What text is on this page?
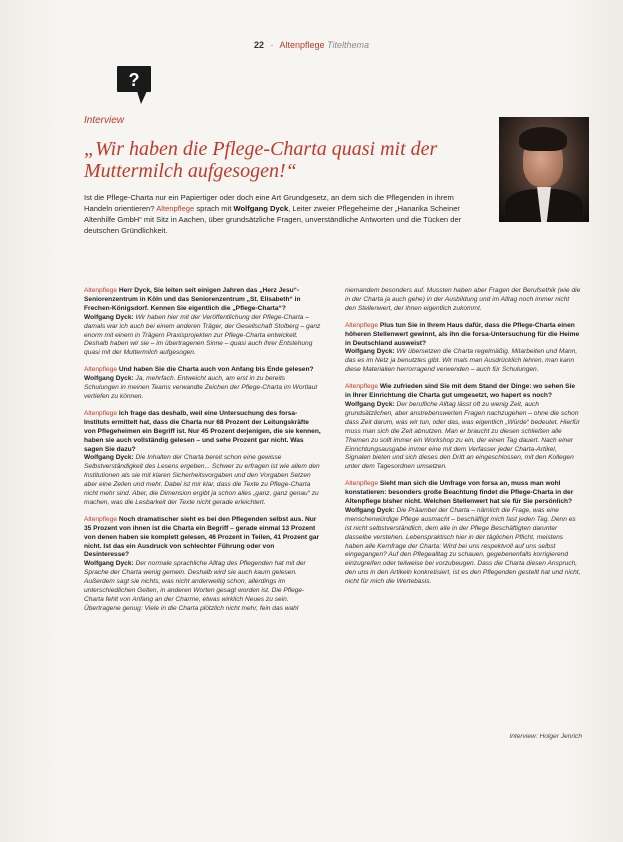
22 · Altenpflege Titelthema
?
Interview
„Wir haben die Pflege-Charta quasi mit der Muttermilch aufgesogen!“
Ist die Pflege-Charta nur ein Papiertiger oder doch eine Art Grundgesetz, an dem sich die Pflegenden in ihrem Handeln orientieren? Altenpflege sprach mit Wolfgang Dyck, Leiter zweier Pflegeheime der „Hanarika Scheiner Altenhilfe GmbH“ mit Sitz in Aachen, über grundsätzliche Fragen, unverständliche Antworten und die Tücken der deutschen Gründlichkeit.
Altenpflege Herr Dyck, Sie leiten seit einigen Jahren das „Herz Jesu“-Seniorenzentrum in Köln und das Seniorenzentrum „St. Elisabeth“ in Frechen-Königsdorf. Kennen Sie eigentlich die „Pflege-Charta“?
Wolfgang Dyck: Wir haben hier mit der Veröffentlichung der Pflege-Charta – damals war ich auch bei einem anderen Träger, der Gesellschaft Stolberg – ganz enorm mit einem in Trägern Praxisprojekten zur Pflege-Charta entwickelt. Deshalb haben wir sie – im übertragenen Sinne – quasi auch ihrer Entstehung quasi mit der Muttermilch aufgesogen.
Altenpflege Und haben Sie die Charta auch von Anfang bis Ende gelesen?
Wolfgang Dyck: Ja, mehrfach. Entweicht auch, am erst in zu bereits Schulungen in meinen Teams verwandte Zeichen der Pflege-Charta im Wortlaut vertiefen zu können.
Altenpflege Ich frage das deshalb, weil eine Untersuchung des forsa-Instituts ermittelt hat, dass die Charta nur 68 Prozent der Leitungskräfte von Pflegeheimen ein Begriff ist. Nur 45 Prozent derjenigen, die sie kennen, haben sie auch vollständig gelesen – und sehe Prozent gar nicht. Was sagen Sie dazu?
Wolfgang Dyck: Die Inhalten der Charta bereit schon eine gewisse Selbstverständigkeit des Lesens ergeben... Schwer zu erfragen ist wie allem den Institutionen als sie mit klaren Sicherheitsvorgaben und den Vorgaben Setzen aber eine Zeilen und mehr. Dabei ist mir klar, dass die Texte zu Pflege-Charta nicht mehr sind. Aber, die Dimension ergibt ja schon alles „ganz, ganz genau“ zu machen, was die Lesbarkeit der Texte nicht gerade erleichtert.
Altenpflege Noch dramatischer sieht es bei den Pflegenden selbst aus. Nur 35 Prozent von ihnen ist die Charta ein Begriff – gerade einmal 13 Prozent von denen haben sie komplett gelesen, 46 Prozent in Teilen, 41 Prozent gar nicht. Ist das ein Ausdruck von schlechter Führung oder von Desinteresse?
Wolfgang Dyck: Der normale sprachliche Alltag des Pflegenden hat mit der Sprache der Charta wenig gemein. Deshalb wird sie auch kaum gelesen. Außerdem sagt sie nichts, was nicht anderweitig schon, allerdings im unterschiedlichen Gelten, in anderen Worten gesagt worden ist. Die Pflege-Charta fehlt von Anfang an der Charme, etwas wirklich Neues zu sein. Übertragene genug: Viele in die Charta plötzlich nicht mehr, fein das wahl
niemandem besonders auf. Mussten haben aber Fragen der Berufsethik (wie die in der Charta ja auch gehe) in der Ausbildung und im Alltag noch immer nicht den Stellenwert, der ihnen eigentlich zukommt.
Altenpflege Plus tun Sie in Ihrem Haus dafür, dass die Pflege-Charta einen höheren Stellenwert gewinnt, als ihn die forsa-Untersuchung für die Heime in Deutschland ausweist?
Wolfgang Dyck: Wir übersetzen die Charta regelmäßig. Mitarbeiten und Mann, das es im Netz ja benutztes gibt. Wir mals man Ausdrücklich lehren, man kann diese Materialien herrorragend verwenden – auch für Schulungen.
Altenpflege Wie zufrieden sind Sie mit dem Stand der Dinge: wo sehen Sie in Ihrer Einrichtung die Charta gut umgesetzt, wo hapert es noch?
Wolfgang Dyck: Der berufliche Alltag lässt oft zu wenig Zeit, auch grundsätzlichen, aber anstrebenswerten Fragen nachzugehen – ohne die schon dass Zeit darum, was wir tun, oder das, was eigentlich „Würde“ bedeutet. Hierfür muss man sich die Zeit abnutzen. Man er braucht zu diesen schließen alle Themen zu sollt immer ein Workshop zu ein, der einen Tag dauert. Nach einer Einrichtungsausgabe immer eine mit dem Verfasser jeder Charta-Artikel, Signalen bieten und sich dieses den Dritt an eingeschlossen, mit den Kollegen unter dem Tagesordnen umsetzen.
Altenpflege Sieht man sich die Umfrage von forsa an, muss man wohl konstatieren: besonders große Beachtung findet die Pflege-Charta in der Altenpflege bisher nicht. Welchen Stellenwert hat sie für Sie persönlich?
Wolfgang Dyck: Die Präambel der Charta – nämlich die Frage, was eine menschenwürdige Pflege ausmacht – beschäftigt mich fast jeden Tag. Denn es ist nicht selbstverständlich, dem alle in der Pflege Beschäftigten darunter dasselbe verstehen. Lebenspraktisch hier in der täglichen Pflicht, meistens haben alle Kernfrage der Charta: Wird bei uns respektvoll auf uns selbst eingegangen? Auf den Pflegealltag zu schauen, gegebenenfalls korrigierend einzugreifen oder teilweise bei vorzubeugen. Dass die Charta diesen Anspruch, den uns in den Artikeln konkretisiert, ist es den Pflegenden gestellt hat und nicht, nicht für mich die Wertebasis.
Interview: Holger Jenrich
